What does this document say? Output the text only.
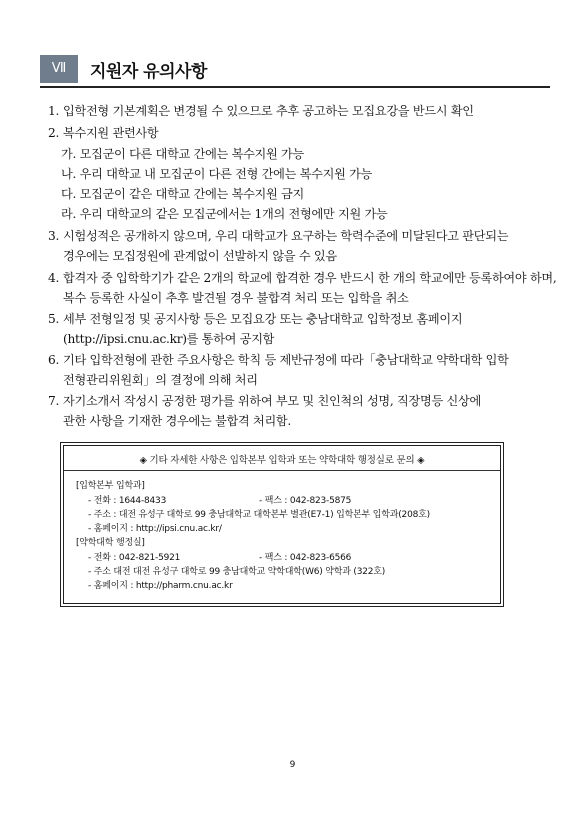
Ⅶ	지원자 유의사항
1. 입학전형 기본계획은 변경될 수 있으므로 추후 공고하는 모집요강을 반드시 확인
2. 복수지원 관련사항
가. 모집군이 다른 대학교 간에는 복수지원 가능
나. 우리 대학교 내 모집군이 다른 전형 간에는 복수지원 가능
다. 모집군이 같은 대학교 간에는 복수지원 금지
라. 우리 대학교의 같은 모집군에서는 1개의 전형에만 지원 가능
3. 시험성적은 공개하지 않으며, 우리 대학교가 요구하는 학력수준에 미달된다고 판단되는
경우에는 모집정원에 관계없이 선발하지 않을 수 있음
4. 합격자 중 입학학기가 같은 2개의 학교에 합격한 경우 반드시 한 개의 학교에만 등록하여야 하며,
복수 등록한 사실이 추후 발견될 경우 불합격 처리 또는 입학을 취소
5. 세부 전형일정 및 공지사항 등은 모집요강 또는 충남대학교 입학정보 홈페이지
(http://ipsi.cnu.ac.kr)를 통하여 공지함
6. 기타 입학전형에 관한 주요사항은 학칙 등 제반규정에 따라「충남대학교 약학대학 입학
전형관리위원회」의 결정에 의해 처리
7. 자기소개서 작성시 공정한 평가를 위하여 부모 및 친인척의 성명, 직장명등 신상에
관한 사항을 기재한 경우에는 불합격 처리함.
◈ 기타 자세한 사항은 입학본부 입학과 또는 약학대학 행정실로 문의 ◈
[입학본부 입학과]
- 전화 : 1644-8433	- 팩스 : 042-823-5875
- 주소 : 대전 유성구 대학로 99 충남대학교 대학본부 별관(E7-1) 입학본부 입학과(208호)
- 홈페이지 : http://ipsi.cnu.ac.kr/
[약학대학 행정실]
- 전화 : 042-821-5921	- 팩스 : 042-823-6566
- 주소 대전 대전 유성구 대학로 99 충남대학교 약학대학(W6) 약학과 (322호)
- 홈페이지 : http://pharm.cnu.ac.kr
9
